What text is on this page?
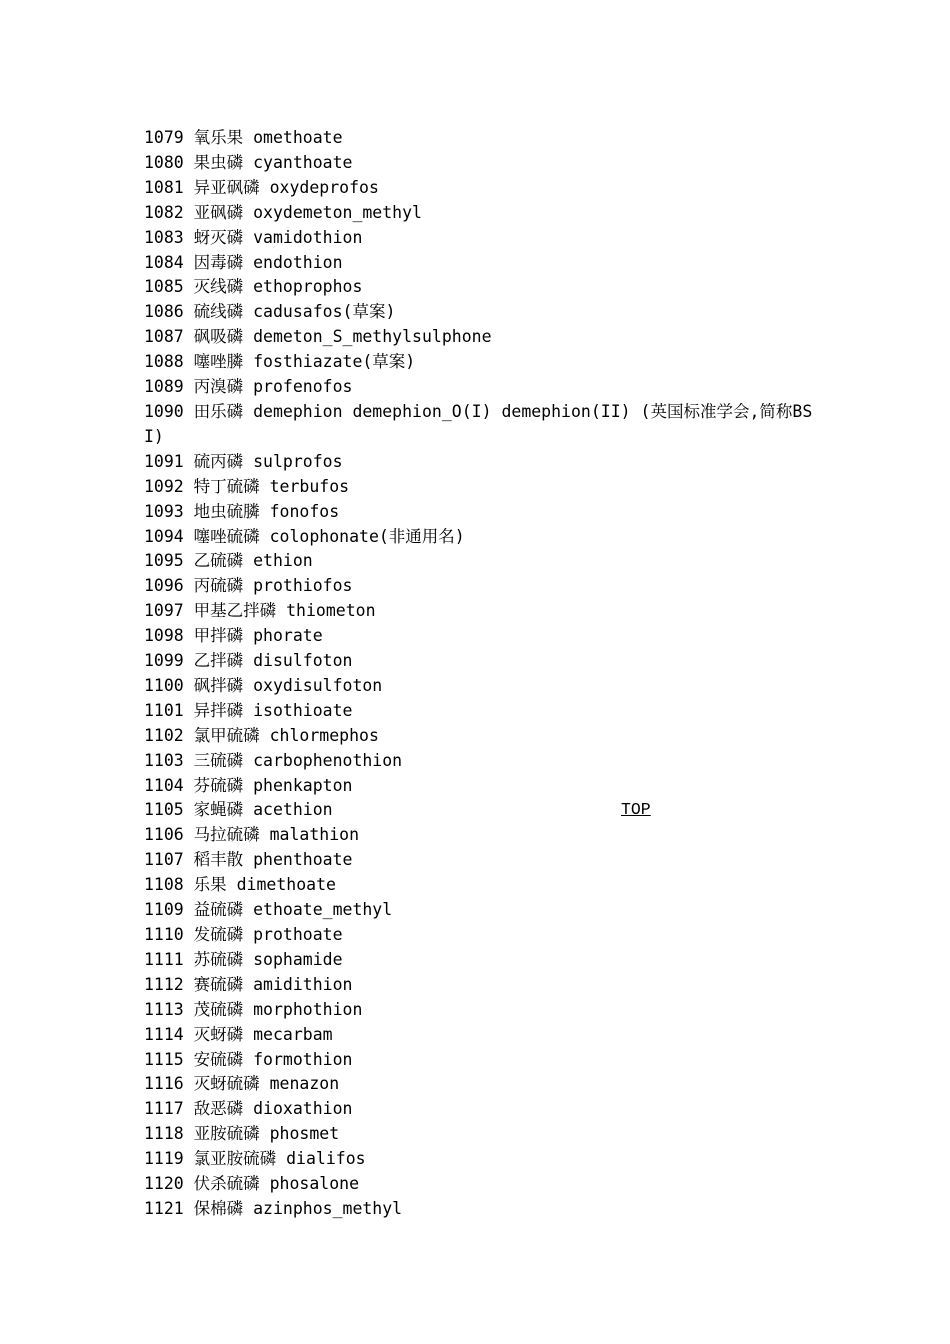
1079 氧乐果 omethoate
1080 果虫磷 cyanthoate
1081 异亚砜磷 oxydeprofos
1082 亚砜磷 oxydemeton_methyl
1083 蚜灭磷 vamidothion
1084 因毒磷 endothion
1085 灭线磷 ethoprophos
1086 硫线磷 cadusafos(草案)
1087 砜吸磷 demeton_S_methylsulphone
1088 噻唑膦 fosthiazate(草案)
1089 丙溴磷 profenofos
1090 田乐磷 demephion demephion_O(I) demephion(II) (英国标准学会,简称BSI)
1091 硫丙磷 sulprofos
1092 特丁硫磷 terbufos
1093 地虫硫膦 fonofos
1094 噻唑硫磷 colophonate(非通用名)
1095 乙硫磷 ethion
1096 丙硫磷 prothiofos
1097 甲基乙拌磷 thiometon
1098 甲拌磷 phorate
1099 乙拌磷 disulfoton
1100 砜拌磷 oxydisulfoton
1101 异拌磷 isothioate
1102 氯甲硫磷 chlormephos
1103 三硫磷 carbophenothion
1104 芬硫磷 phenkapton
1105 家蝇磷 acethion
1106 马拉硫磷 malathion
1107 稻丰散 phenthoate
1108 乐果 dimethoate
1109 益硫磷 ethoate_methyl
1110 发硫磷 prothoate
1111 苏硫磷 sophamide
1112 赛硫磷 amidithion
1113 茂硫磷 morphothion
1114 灭蚜磷 mecarbam
1115 安硫磷 formothion
1116 灭蚜硫磷 menazon
1117 敌恶磷 dioxathion
1118 亚胺硫磷 phosmet
1119 氯亚胺硫磷 dialifos
1120 伏杀硫磷 phosalone
1121 保棉磷 azinphos_methyl
TOP
